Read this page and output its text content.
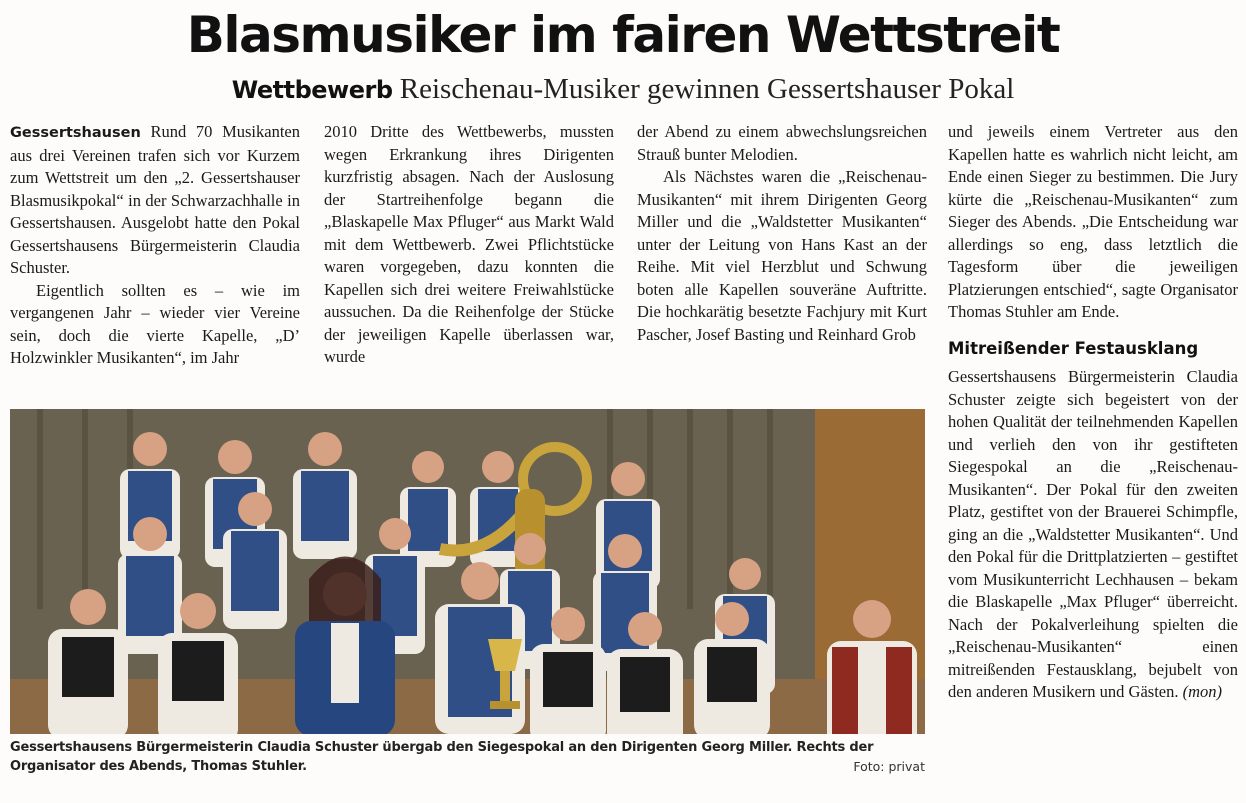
Blasmusiker im fairen Wettstreit
Wettbewerb Reischenau-Musiker gewinnen Gessertshauser Pokal

Gessertshausen Rund 70 Musikanten aus drei Vereinen trafen sich vor Kurzem zum Wettstreit um den „2. Gessertshauser Blasmusikpokal“ in der Schwarzachhalle in Gessertshausen. Ausgelobt hatte den Pokal Gessertshausens Bürgermeisterin Claudia Schuster.

Eigentlich sollten es – wie im vergangenen Jahr – wieder vier Vereine sein, doch die vierte Kapelle, „D’ Holzwinkler Musikanten“, im Jahr

2010 Dritte des Wettbewerbs, mussten wegen Erkrankung ihres Dirigenten kurzfristig absagen. Nach der Auslosung der Startreihenfolge begann die „Blaskapelle Max Pfluger“ aus Markt Wald mit dem Wettbewerb. Zwei Pflichtstücke waren vorgegeben, dazu konnten die Kapellen sich drei weitere Freiwahlstücke aussuchen. Da die Reihenfolge der Stücke der jeweiligen Kapelle überlassen war, wurde

der Abend zu einem abwechslungsreichen Strauß bunter Melodien.

Als Nächstes waren die „Reischenau-Musikanten“ mit ihrem Dirigenten Georg Miller und die „Waldstetter Musikanten“ unter der Leitung von Hans Kast an der Reihe. Mit viel Herzblut und Schwung boten alle Kapellen souveräne Auftritte. Die hochkarätig besetzte Fachjury mit Kurt Pascher, Josef Basting und Reinhard Grob

und jeweils einem Vertreter aus den Kapellen hatte es wahrlich nicht leicht, am Ende einen Sieger zu bestimmen. Die Jury kürte die „Reischenau-Musikanten“ zum Sieger des Abends. „Die Entscheidung war allerdings so eng, dass letztlich die Tagesform über die jeweiligen Platzierungen entschied“, sagte Organisator Thomas Stuhler am Ende.

Mitreißender Festausklang

Gessertshausens Bürgermeisterin Claudia Schuster zeigte sich begeistert von der hohen Qualität der teilnehmenden Kapellen und verlieh den von ihr gestifteten Siegespokal an die „Reischenau-Musikanten“. Der Pokal für den zweiten Platz, gestiftet von der Brauerei Schimpfle, ging an die „Waldstetter Musikanten“. Und den Pokal für die Drittplatzierten – gestiftet vom Musikunterricht Lechhausen – bekam die Blaskapelle „Max Pfluger“ überreicht. Nach der Pokalverleihung spielten die „Reischenau-Musikanten“ einen mitreißenden Festausklang, bejubelt von den anderen Musikern und Gästen. (mon)

Gessertshausens Bürgermeisterin Claudia Schuster übergab den Siegespokal an den Dirigenten Georg Miller. Rechts der Organisator des Abends, Thomas Stuhler.	Foto: privat
